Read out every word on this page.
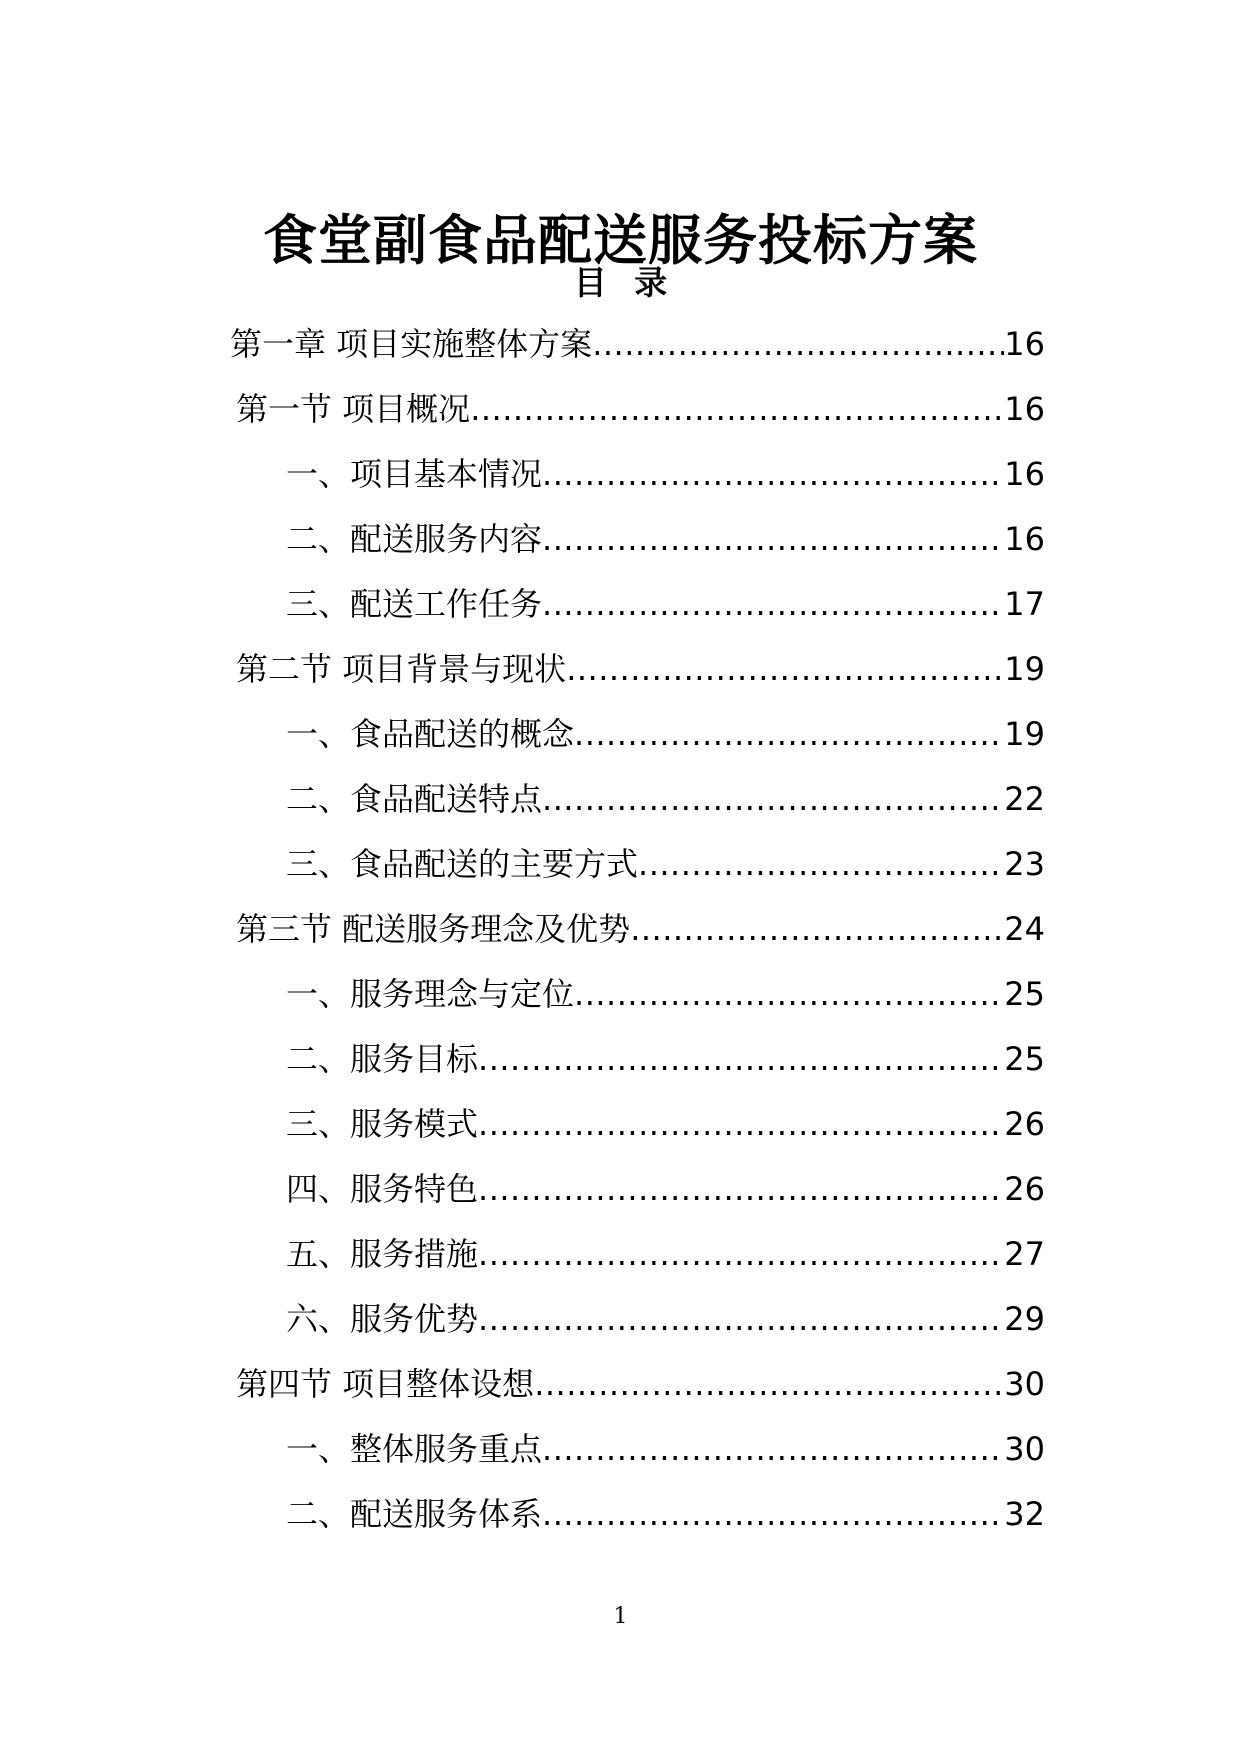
食堂副食品配送服务投标方案
目 录
第一章 项目实施整体方案 .....	16
第一节 项目概况 .....	16
一、项目基本情况 .....	16
二、配送服务内容 .....	16
三、配送工作任务 .....	17
第二节 项目背景与现状 .....	19
一、食品配送的概念 .....	19
二、食品配送特点 .....	22
三、食品配送的主要方式 .....	23
第三节 配送服务理念及优势 .....	24
一、服务理念与定位 .....	25
二、服务目标 .....	25
三、服务模式 .....	26
四、服务特色 .....	26
五、服务措施 .....	27
六、服务优势 .....	29
第四节 项目整体设想 .....	30
一、整体服务重点 .....	30
二、配送服务体系 .....	32
1
